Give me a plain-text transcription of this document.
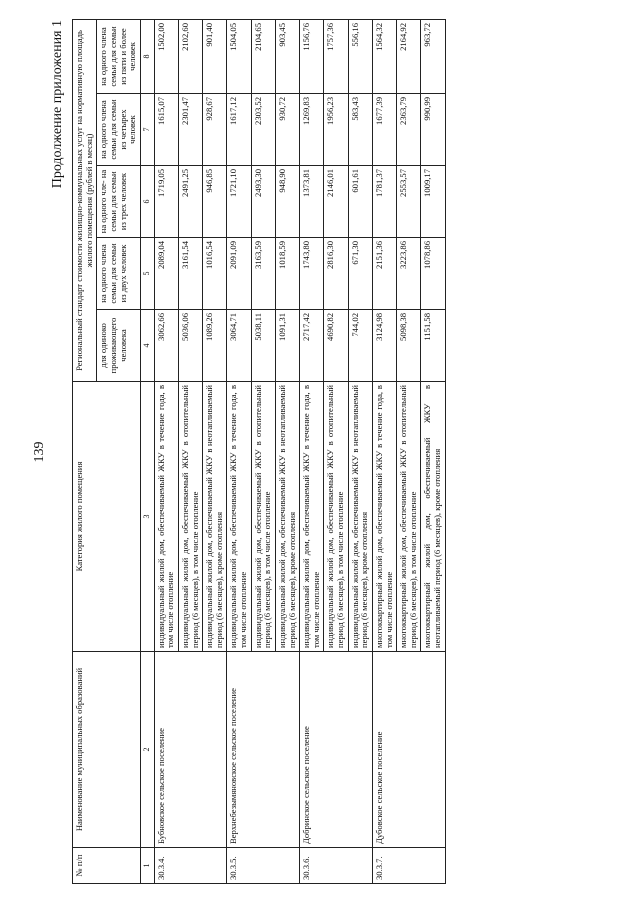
139
Продолжение приложения 1
№ п/п	Наименование муниципальных образований	Категория жилого помещения	Региональный стандарт стоимости жилищно-коммунальных услуг на нормативную площадь жилого помещения (рублей в месяц)				
			для одиноко проживающего человека	на одного члена семьи для семьи из двух человек	на одного чле- на семьи для семьи из трех человек	на одного члена семьи для семьи из четырех человек	на одного члена семьи для семьи из пяти и более человек
1	2	3	4	5	6	7	8
30.3.4.	Бубновское сельское поселение	индивидуальный жилой дом, обеспечиваемый ЖКУ в течение года, в том числе отопление	3062,66	2089,04	1719,05	1615,07	1502,00
		индивидуальный жилой дом, обеспечиваемый ЖКУ в отопительный период (6 месяцев), в том числе отопление	5036,06	3161,54	2491,25	2301,47	2102,60
		индивидуальный жилой дом, обеспечиваемый ЖКУ в неотапливаемый период (6 месяцев), кроме отопления	1089,26	1016,54	946,85	928,67	901,40
30.3.5.	Верхнебезымяновское сельское поселение	индивидуальный жилой дом, обеспечиваемый ЖКУ в течение года, в том числе отопление	3064,71	2091,09	1721,10	1617,12	1504,05
		индивидуальный жилой дом, обеспечиваемый ЖКУ в отопительный период (6 месяцев), в том числе отопление	5038,11	3163,59	2493,30	2303,52	2104,65
		индивидуальный жилой дом, обеспечиваемый ЖКУ в неотапливаемый период (6 месяцев), кроме отопления	1091,31	1018,59	948,90	930,72	903,45
30.3.6.	Добринское сельское поселение	индивидуальный жилой дом, обеспечиваемый ЖКУ в течение года, в том числе отопление	2717,42	1743,80	1373,81	1269,83	1156,76
		индивидуальный жилой дом, обеспечиваемый ЖКУ в отопительный период (6 месяцев), в том числе отопление	4690,82	2816,30	2146,01	1956,23	1757,36
		индивидуальный жилой дом, обеспечиваемый ЖКУ в неотапливаемый период (6 месяцев), кроме отопления	744,02	671,30	601,61	583,43	556,16
30.3.7.	Дубовское сельское поселение	многоквартирный жилой дом, обеспечиваемый ЖКУ в течение года, в том числе отопление	3124,98	2151,36	1781,37	1677,39	1564,32
		многоквартирный жилой дом, обеспечиваемый ЖКУ в отопительный период (6 месяцев), в том числе отопление	5098,38	3223,86	2553,57	2363,79	2164,92
		многоквартирный жилой дом, обеспечиваемый ЖКУ в неотапливаемый период (6 месяцев), кроме отопления	1151,58	1078,86	1009,17	990,99	963,72
